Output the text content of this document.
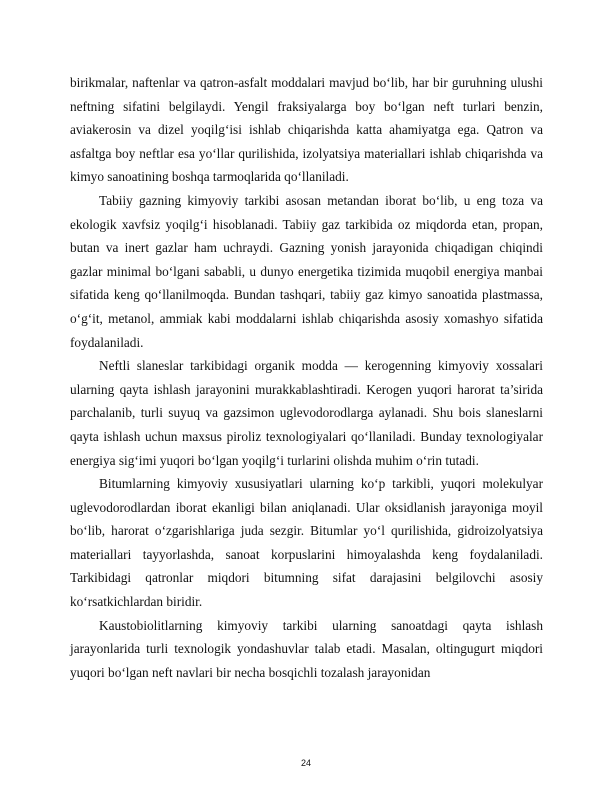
birikmalar, naftenlar va qatron-asfalt moddalari mavjud bo‘lib, har bir guruhning ulushi neftning sifatini belgilaydi. Yengil fraksiyalarga boy bo‘lgan neft turlari benzin, aviakerosin va dizel yoqilg‘isi ishlab chiqarishda katta ahamiyatga ega. Qatron va asfaltga boy neftlar esa yo‘llar qurilishida, izolyatsiya materiallari ishlab chiqarishda va kimyo sanoatining boshqa tarmoqlarida qo‘llaniladi.

Tabiiy gazning kimyoviy tarkibi asosan metandan iborat bo‘lib, u eng toza va ekologik xavfsiz yoqilg‘i hisoblanadi. Tabiiy gaz tarkibida oz miqdorda etan, propan, butan va inert gazlar ham uchraydi. Gazning yonish jarayonida chiqadigan chiqindi gazlar minimal bo‘lgani sababli, u dunyo energetika tizimida muqobil energiya manbai sifatida keng qo‘llanilmoqda. Bundan tashqari, tabiiy gaz kimyo sanoatida plastmassa, o‘g‘it, metanol, ammiak kabi moddalarni ishlab chiqarishda asosiy xomashyo sifatida foydalaniladi.

Neftli slaneslar tarkibidagi organik modda — kerogenning kimyoviy xossalari ularning qayta ishlash jarayonini murakkablashtiradi. Kerogen yuqori harorat ta’sirida parchalanib, turli suyuq va gazsimon uglevodorodlarga aylanadi. Shu bois slaneslarni qayta ishlash uchun maxsus piroliz texnologiyalari qo‘llaniladi. Bunday texnologiyalar energiya sig‘imi yuqori bo‘lgan yoqilg‘i turlarini olishda muhim o‘rin tutadi.

Bitumlarning kimyoviy xususiyatlari ularning ko‘p tarkibli, yuqori molekulyar uglevodorodlardan iborat ekanligi bilan aniqlanadi. Ular oksidlanish jarayoniga moyil bo‘lib, harorat o‘zgarishlariga juda sezgir. Bitumlar yo‘l qurilishida, gidroizolyatsiya materiallari tayyorlashda, sanoat korpuslarini himoyalashda keng foydalaniladi. Tarkibidagi qatronlar miqdori bitumning sifat darajasini belgilovchi asosiy ko‘rsatkichlardan biridir.

Kaustobiolitlarning kimyoviy tarkibi ularning sanoatdagi qayta ishlash jarayonlarida turli texnologik yondashuvlar talab etadi. Masalan, oltingugurt miqdori yuqori bo‘lgan neft navlari bir necha bosqichli tozalash jarayonidan

24
